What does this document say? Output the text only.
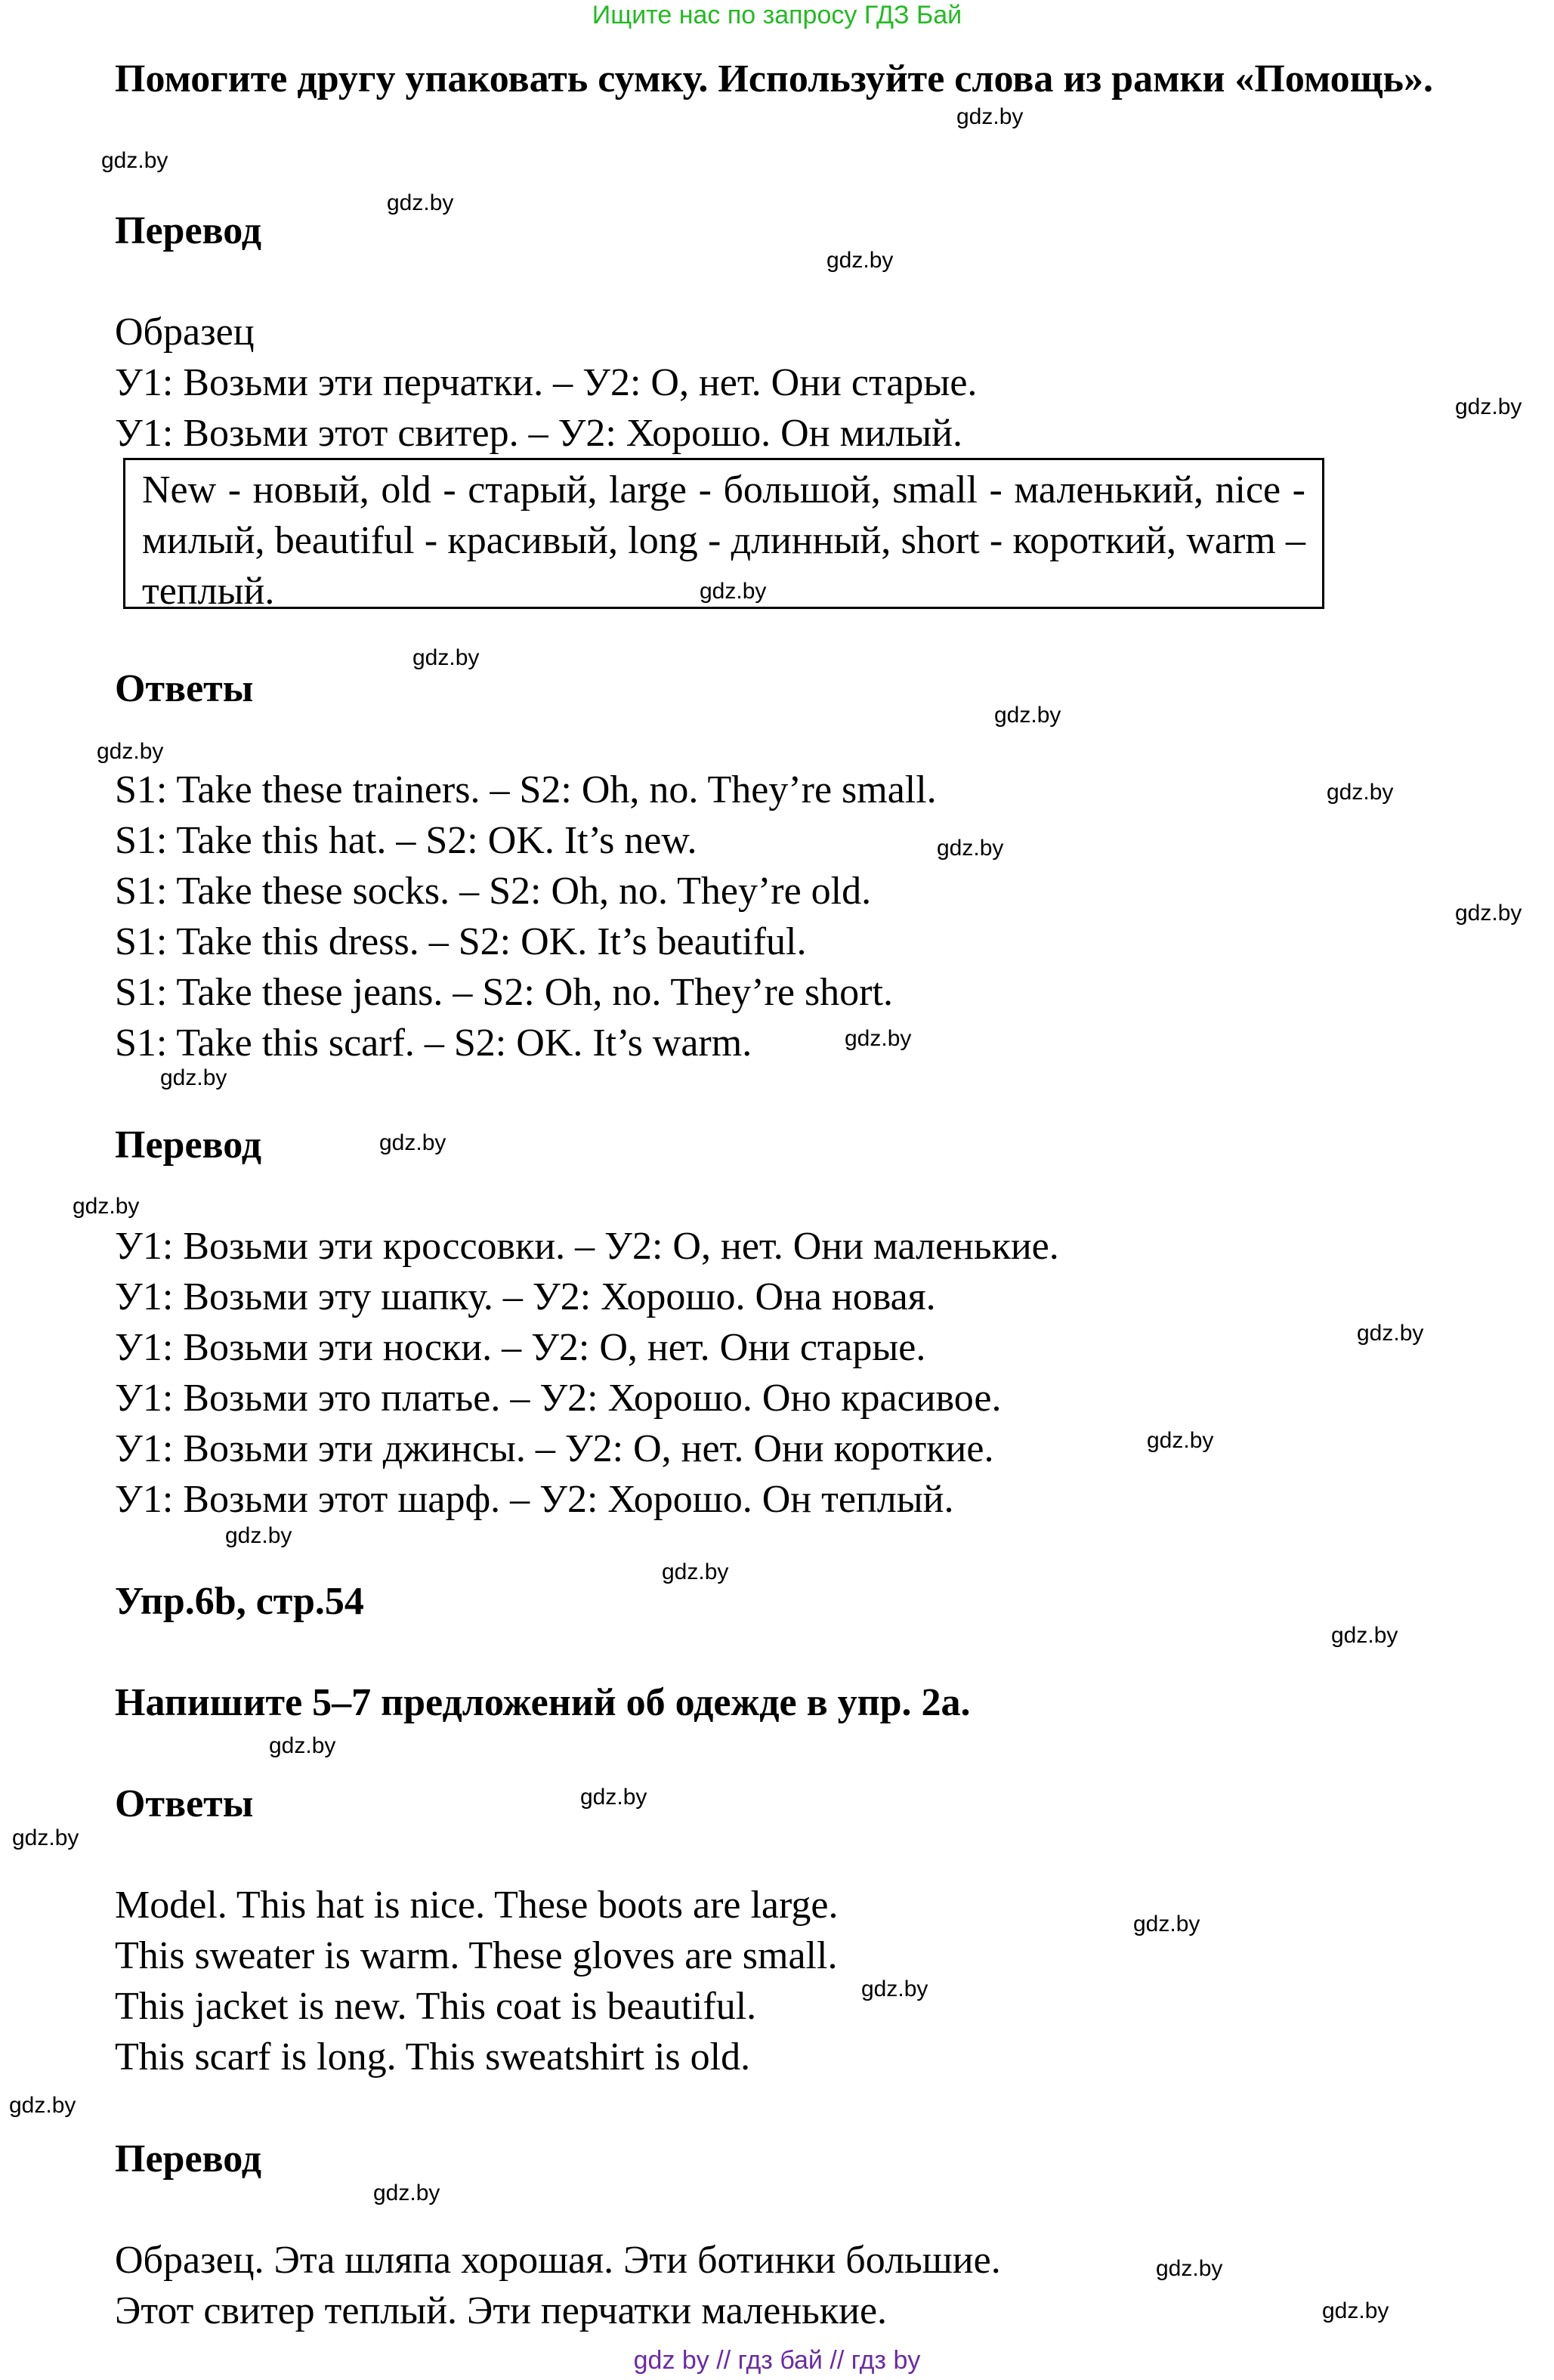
Ищите нас по запросу ГДЗ Бай
Помогите другу упаковать сумку. Используйте слова из рамки «Помощь».
Перевод
Образец
У1: Возьми эти перчатки. – У2: О, нет. Они старые.
У1: Возьми этот свитер. – У2: Хорошо. Он милый.

New - новый, old - старый, large - большой, small - маленький, nice - милый, beautiful - красивый, long - длинный, short - короткий, warm – теплый.

Ответы
S1: Take these trainers. – S2: Oh, no. They’re small.
S1: Take this hat. – S2: OK. It’s new.
S1: Take these socks. – S2: Oh, no. They’re old.
S1: Take this dress. – S2: OK. It’s beautiful.
S1: Take these jeans. – S2: Oh, no. They’re short.
S1: Take this scarf. – S2: OK. It’s warm.
Перевод
У1: Возьми эти кроссовки. – У2: О, нет. Они маленькие.
У1: Возьми эту шапку. – У2: Хорошо. Она новая.
У1: Возьми эти носки. – У2: О, нет. Они старые.
У1: Возьми это платье. – У2: Хорошо. Оно красивое.
У1: Возьми эти джинсы. – У2: О, нет. Они короткие.
У1: Возьми этот шарф. – У2: Хорошо. Он теплый.
Упр.6b, стр.54
Напишите 5–7 предложений об одежде в упр. 2а.
Ответы
Model. This hat is nice. These boots are large.
This sweater is warm. These gloves are small.
This jacket is new. This coat is beautiful.
This scarf is long. This sweatshirt is old.
Перевод
Образец. Эта шляпа хорошая. Эти ботинки большие.
Этот свитер теплый. Эти перчатки маленькие.
gdz.by
gdz.by
gdz.by
gdz.by
gdz.by
gdz.by
gdz.by
gdz.by
gdz.by
gdz.by
gdz.by
gdz.by
gdz.by
gdz.by
gdz.by
gdz.by
gdz.by
gdz.by
gdz.by
gdz.by
gdz.by
gdz.by
gdz.by
gdz.by
gdz.by
gdz.by
gdz.by
gdz.by
gdz.by
gdz.by
gdz by // гдз бай // гдз by
